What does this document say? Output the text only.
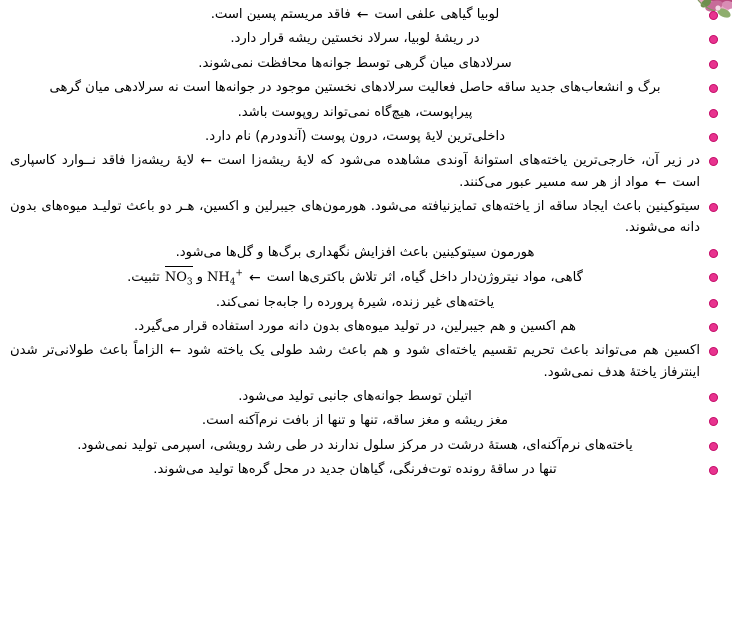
لوبیا گیاهی علفی است←فاقد مریستم پسین است.
در ریشهٔ لوبیا، سرلاد نخستین ریشه قرار دارد.
سرلادهای میان گرهی توسط جوانه‌ها محافظت نمی‌شوند.
برگ و انشعاب‌های جدید ساقه حاصل فعالیت سرلادهای نخستین موجود در جوانه‌ها است نه سرلادهی میان گرهی
پیراپوست، هیچ‌گاه نمی‌تواند روپوست باشد.
داخلی‌ترین لایهٔ پوست، درون پوست (آندودرم) نام دارد.
در زیر آن، خارجی‌ترین یاخته‌های استوانهٔ آوندی مشاهده می‌شود که لایهٔ ریشه‌زا است←لایهٔ ریشه‌زا فاقد نــوارد کاسپاری است←مواد از هر سه مسیر عبور می‌کنند.
سیتوکینین باعث ایجاد ساقه از یاخته‌های تمایزنیافته می‌شود. هورمون‌های جیبرلین و اکسین، هـر دو باعث تولیـد میوه‌های بدون دانه می‌شوند.
هورمون سیتوکینین باعث افزایش نگهداری برگ‌ها و گل‌ها می‌شود.
گاهی، مواد نیتروژن‌دار داخل گیاه، اثر تلاش باکتری‌ها $است\leftarrow NH_4^+وNO_3تثبیت$.
یاخته‌های غیر زنده، شیرهٔ پرورده را جابه‌جا نمی‌کند.
هم اکسین و هم جیبرلین، در تولید میوه‌های بدون دانه مورد استفاده قرار می‌گیرد.
اکسین هم می‌تواند باعث تحریم تقسیم یاخته‌ای شود و هم باعث رشد طولی یک یاخته شود←الزاماً باعث طولانی‌تر شدن اینترفاز یاختهٔ هدف نمی‌شود.
اتیلن توسط جوانه‌های جانبی تولید می‌شود.
مغز ریشه و مغز ساقه، تنها و تنها از بافت نرم‌آکنه است.
یاخته‌های نرم‌آکنه‌ای، هستهٔ درشت در مرکز سلول ندارند در طی رشد رویشی، اسپرمی تولید نمی‌شود.
تنها در ساقهٔ رونده توت‌فرنگی، گیاهان جدید در محل گره‌ها تولید می‌شوند.
